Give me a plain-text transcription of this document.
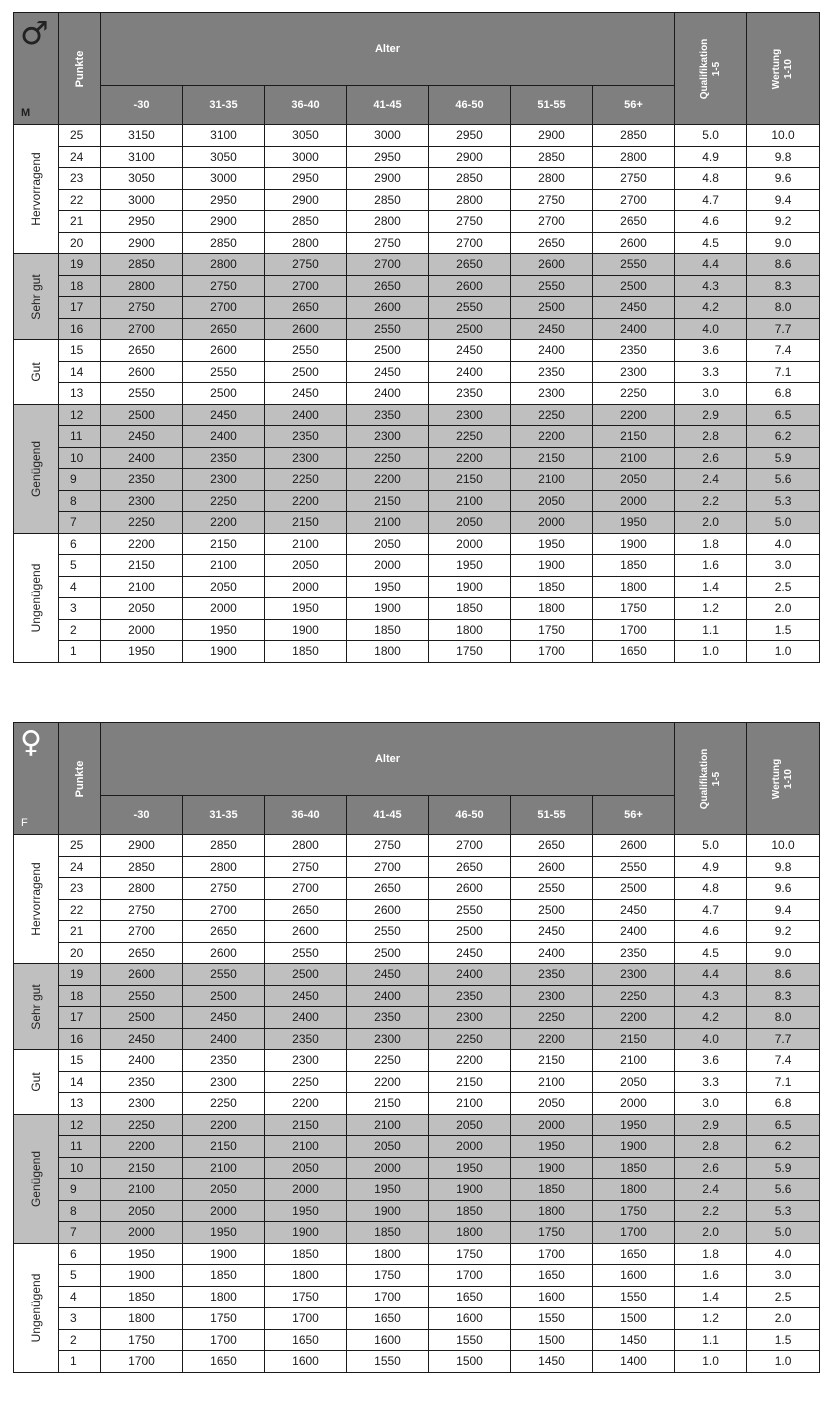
♂
M	Punkte	Alter							Qualifikation 1-5	Wertung 1-10

		-30	31-35	36-40	41-45	46-50	51-55	56+		

Hervorragend	25	3150	3100	3050	3000	2950	2900	2850	5.0	10.0
	24	3100	3050	3000	2950	2900	2850	2800	4.9	9.8
	23	3050	3000	2950	2900	2850	2800	2750	4.8	9.6
	22	3000	2950	2900	2850	2800	2750	2700	4.7	9.4
	21	2950	2900	2850	2800	2750	2700	2650	4.6	9.2
	20	2900	2850	2800	2750	2700	2650	2600	4.5	9.0

Sehr gut	19	2850	2800	2750	2700	2650	2600	2550	4.4	8.6
	18	2800	2750	2700	2650	2600	2550	2500	4.3	8.3
	17	2750	2700	2650	2600	2550	2500	2450	4.2	8.0
	16	2700	2650	2600	2550	2500	2450	2400	4.0	7.7

Gut	15	2650	2600	2550	2500	2450	2400	2350	3.6	7.4
	14	2600	2550	2500	2450	2400	2350	2300	3.3	7.1
	13	2550	2500	2450	2400	2350	2300	2250	3.0	6.8

Genügend	12	2500	2450	2400	2350	2300	2250	2200	2.9	6.5
	11	2450	2400	2350	2300	2250	2200	2150	2.8	6.2
	10	2400	2350	2300	2250	2200	2150	2100	2.6	5.9
	9	2350	2300	2250	2200	2150	2100	2050	2.4	5.6
	8	2300	2250	2200	2150	2100	2050	2000	2.2	5.3
	7	2250	2200	2150	2100	2050	2000	1950	2.0	5.0

Ungenügend	6	2200	2150	2100	2050	2000	1950	1900	1.8	4.0
	5	2150	2100	2050	2000	1950	1900	1850	1.6	3.0
	4	2100	2050	2000	1950	1900	1850	1800	1.4	2.5
	3	2050	2000	1950	1900	1850	1800	1750	1.2	2.0
	2	2000	1950	1900	1850	1800	1750	1700	1.1	1.5
	1	1950	1900	1850	1800	1750	1700	1650	1.0	1.0
♀
F	Punkte	Alter							Qualifikation 1-5	Wertung 1-10

		-30	31-35	36-40	41-45	46-50	51-55	56+		

Hervorragend	25	2900	2850	2800	2750	2700	2650	2600	5.0	10.0
	24	2850	2800	2750	2700	2650	2600	2550	4.9	9.8
	23	2800	2750	2700	2650	2600	2550	2500	4.8	9.6
	22	2750	2700	2650	2600	2550	2500	2450	4.7	9.4
	21	2700	2650	2600	2550	2500	2450	2400	4.6	9.2
	20	2650	2600	2550	2500	2450	2400	2350	4.5	9.0

Sehr gut	19	2600	2550	2500	2450	2400	2350	2300	4.4	8.6
	18	2550	2500	2450	2400	2350	2300	2250	4.3	8.3
	17	2500	2450	2400	2350	2300	2250	2200	4.2	8.0
	16	2450	2400	2350	2300	2250	2200	2150	4.0	7.7

Gut	15	2400	2350	2300	2250	2200	2150	2100	3.6	7.4
	14	2350	2300	2250	2200	2150	2100	2050	3.3	7.1
	13	2300	2250	2200	2150	2100	2050	2000	3.0	6.8

Genügend	12	2250	2200	2150	2100	2050	2000	1950	2.9	6.5
	11	2200	2150	2100	2050	2000	1950	1900	2.8	6.2
	10	2150	2100	2050	2000	1950	1900	1850	2.6	5.9
	9	2100	2050	2000	1950	1900	1850	1800	2.4	5.6
	8	2050	2000	1950	1900	1850	1800	1750	2.2	5.3
	7	2000	1950	1900	1850	1800	1750	1700	2.0	5.0

Ungenügend	6	1950	1900	1850	1800	1750	1700	1650	1.8	4.0
	5	1900	1850	1800	1750	1700	1650	1600	1.6	3.0
	4	1850	1800	1750	1700	1650	1600	1550	1.4	2.5
	3	1800	1750	1700	1650	1600	1550	1500	1.2	2.0
	2	1750	1700	1650	1600	1550	1500	1450	1.1	1.5
	1	1700	1650	1600	1550	1500	1450	1400	1.0	1.0
